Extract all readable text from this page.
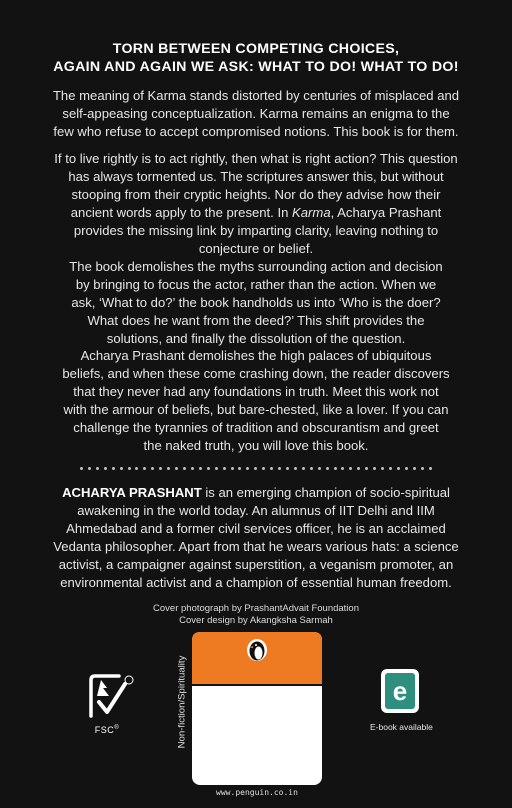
TORN BETWEEN COMPETING CHOICES,
AGAIN AND AGAIN WE ASK: WHAT TO DO! WHAT TO DO!
The meaning of Karma stands distorted by centuries of misplaced and
self-appeasing conceptualization. Karma remains an enigma to the
few who refuse to accept compromised notions. This book is for them.
If to live rightly is to act rightly, then what is right action? This question
has always tormented us. The scriptures answer this, but without
stooping from their cryptic heights. Nor do they advise how their
ancient words apply to the present. In Karma, Acharya Prashant
provides the missing link by imparting clarity, leaving nothing to
conjecture or belief.
The book demolishes the myths surrounding action and decision
by bringing to focus the actor, rather than the action. When we
ask, ‘What to do?’ the book handholds us into ‘Who is the doer?
What does he want from the deed?’ This shift provides the
solutions, and finally the dissolution of the question.
Acharya Prashant demolishes the high palaces of ubiquitous
beliefs, and when these come crashing down, the reader discovers
that they never had any foundations in truth. Meet this work not
with the armour of beliefs, but bare-chested, like a lover. If you can
challenge the tyrannies of tradition and obscurantism and greet
the naked truth, you will love this book.
ACHARYA PRASHANT is an emerging champion of socio-spiritual
awakening in the world today. An alumnus of IIT Delhi and IIM
Ahmedabad and a former civil services officer, he is an acclaimed
Vedanta philosopher. Apart from that he wears various hats: a science
activist, a campaigner against superstition, a veganism promoter, an
environmental activist and a champion of essential human freedom.
Cover photograph by PrashantAdvait Foundation
Cover design by Akangksha Sarmah
FSC®	Non-fiction/Spirituality
www.penguin.co.in
e
E-book available
